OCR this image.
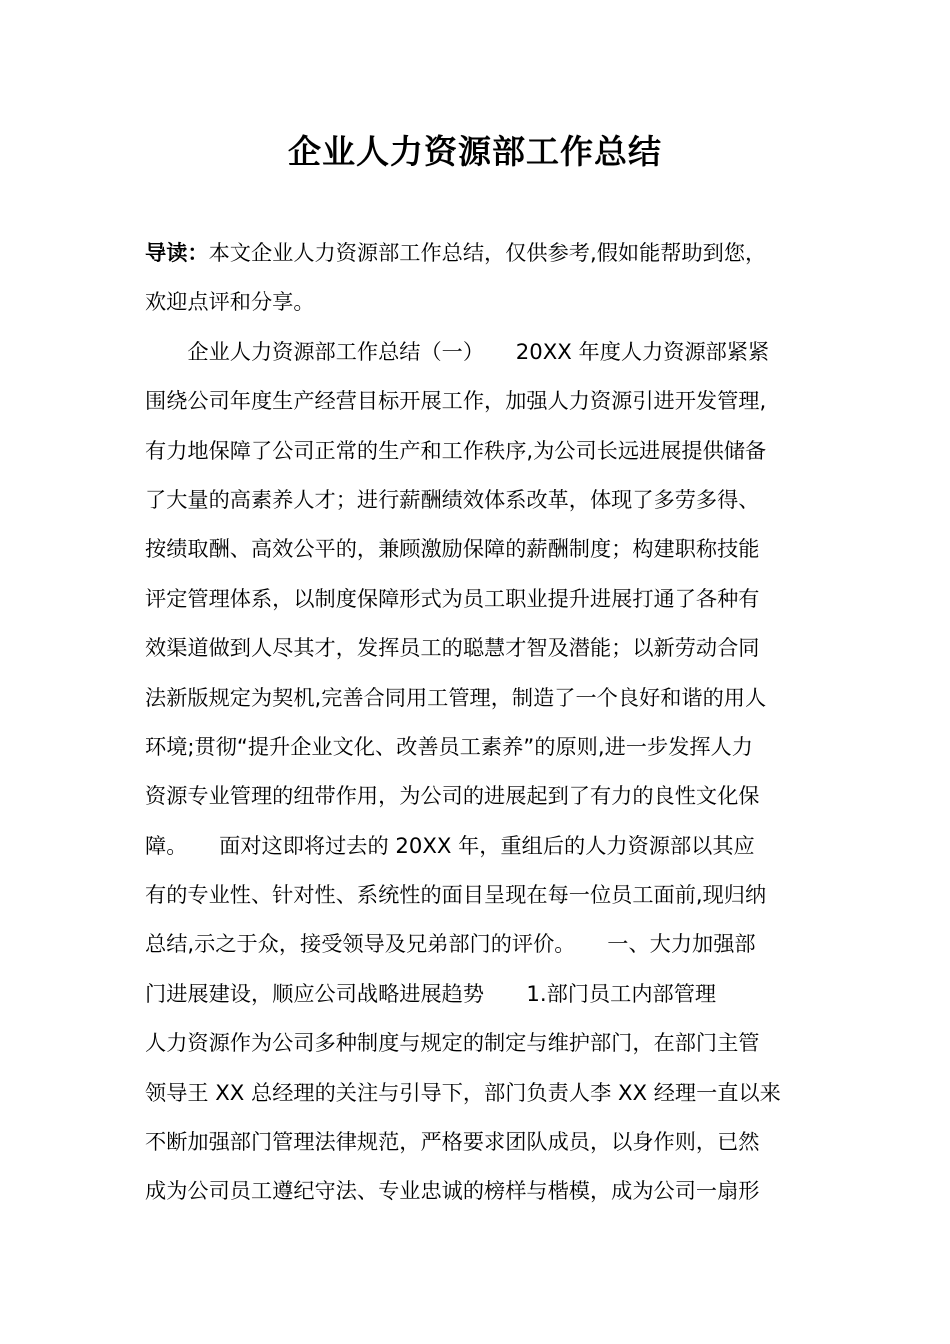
企业人力资源部工作总结
导读：本文企业人力资源部工作总结，仅供参考,假如能帮助到您，
欢迎点评和分享。
　　企业人力资源部工作总结（一）　　20XX 年度人力资源部紧紧
围绕公司年度生产经营目标开展工作，加强人力资源引进开发管理,
有力地保障了公司正常的生产和工作秩序,为公司长远进展提供储备
了大量的高素养人才；进行薪酬绩效体系改革，体现了多劳多得、
按绩取酬、高效公平的，兼顾激励保障的薪酬制度；构建职称技能
评定管理体系，以制度保障形式为员工职业提升进展打通了各种有
效渠道做到人尽其才，发挥员工的聪慧才智及潜能；以新劳动合同
法新版规定为契机,完善合同用工管理，制造了一个良好和谐的用人
环境;贯彻“提升企业文化、改善员工素养”的原则,进一步发挥人力
资源专业管理的纽带作用，为公司的进展起到了有力的良性文化保
障。　　面对这即将过去的 20XX 年，重组后的人力资源部以其应
有的专业性、针对性、系统性的面目呈现在每一位员工面前,现归纳
总结,示之于众，接受领导及兄弟部门的评价。　　一、大力加强部
门进展建设，顺应公司战略进展趋势　　1.部门员工内部管理
人力资源作为公司多种制度与规定的制定与维护部门，在部门主管
领导王 XX 总经理的关注与引导下，部门负责人李 XX 经理一直以来
不断加强部门管理法律规范，严格要求团队成员，以身作则，已然
成为公司员工遵纪守法、专业忠诚的榜样与楷模，成为公司一扇形
